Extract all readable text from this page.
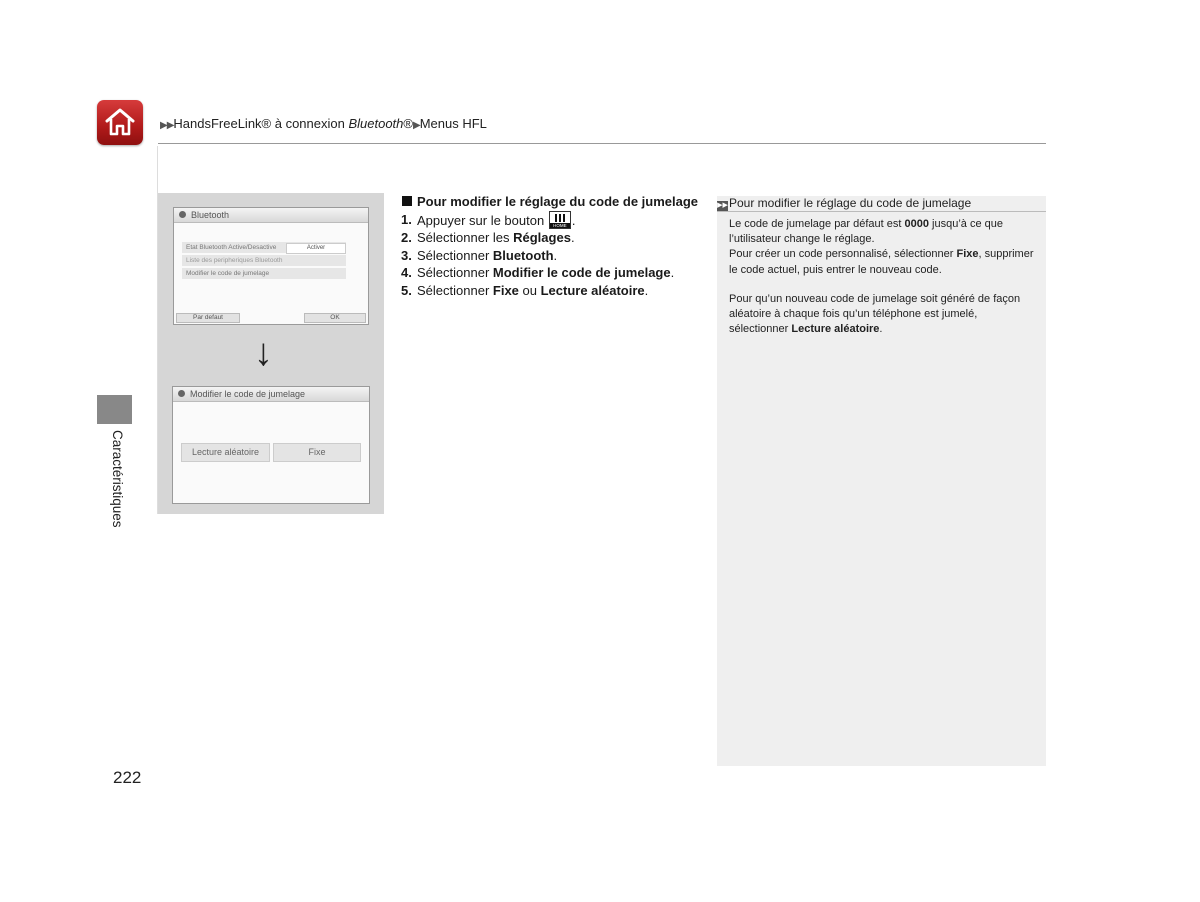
▶▶HandsFreeLink® à connexion Bluetooth®▶Menus HFL
Caractéristiques
Bluetooth
Etat Bluetooth Active/Desactive	Activer
Liste des peripheriques Bluetooth
Modifier le code de jumelage
Par defaut	OK
↓
Modifier le code de jumelage
Lecture aléatoire	Fixe
Pour modifier le réglage du code de jumelage
1. Appuyer sur le bouton	HOME .
2. Sélectionner les Réglages.
3. Sélectionner Bluetooth.
4. Sélectionner Modifier le code de jumelage.
5. Sélectionner Fixe ou Lecture aléatoire.
▶▶Pour modifier le réglage du code de jumelage

Le code de jumelage par défaut est 0000 jusqu’à ce que l’utilisateur change le réglage.

Pour créer un code personnalisé, sélectionner Fixe, supprimer le code actuel, puis entrer le nouveau code.

Pour qu’un nouveau code de jumelage soit généré de façon aléatoire à chaque fois qu’un téléphone est jumelé, sélectionner Lecture aléatoire.

222
